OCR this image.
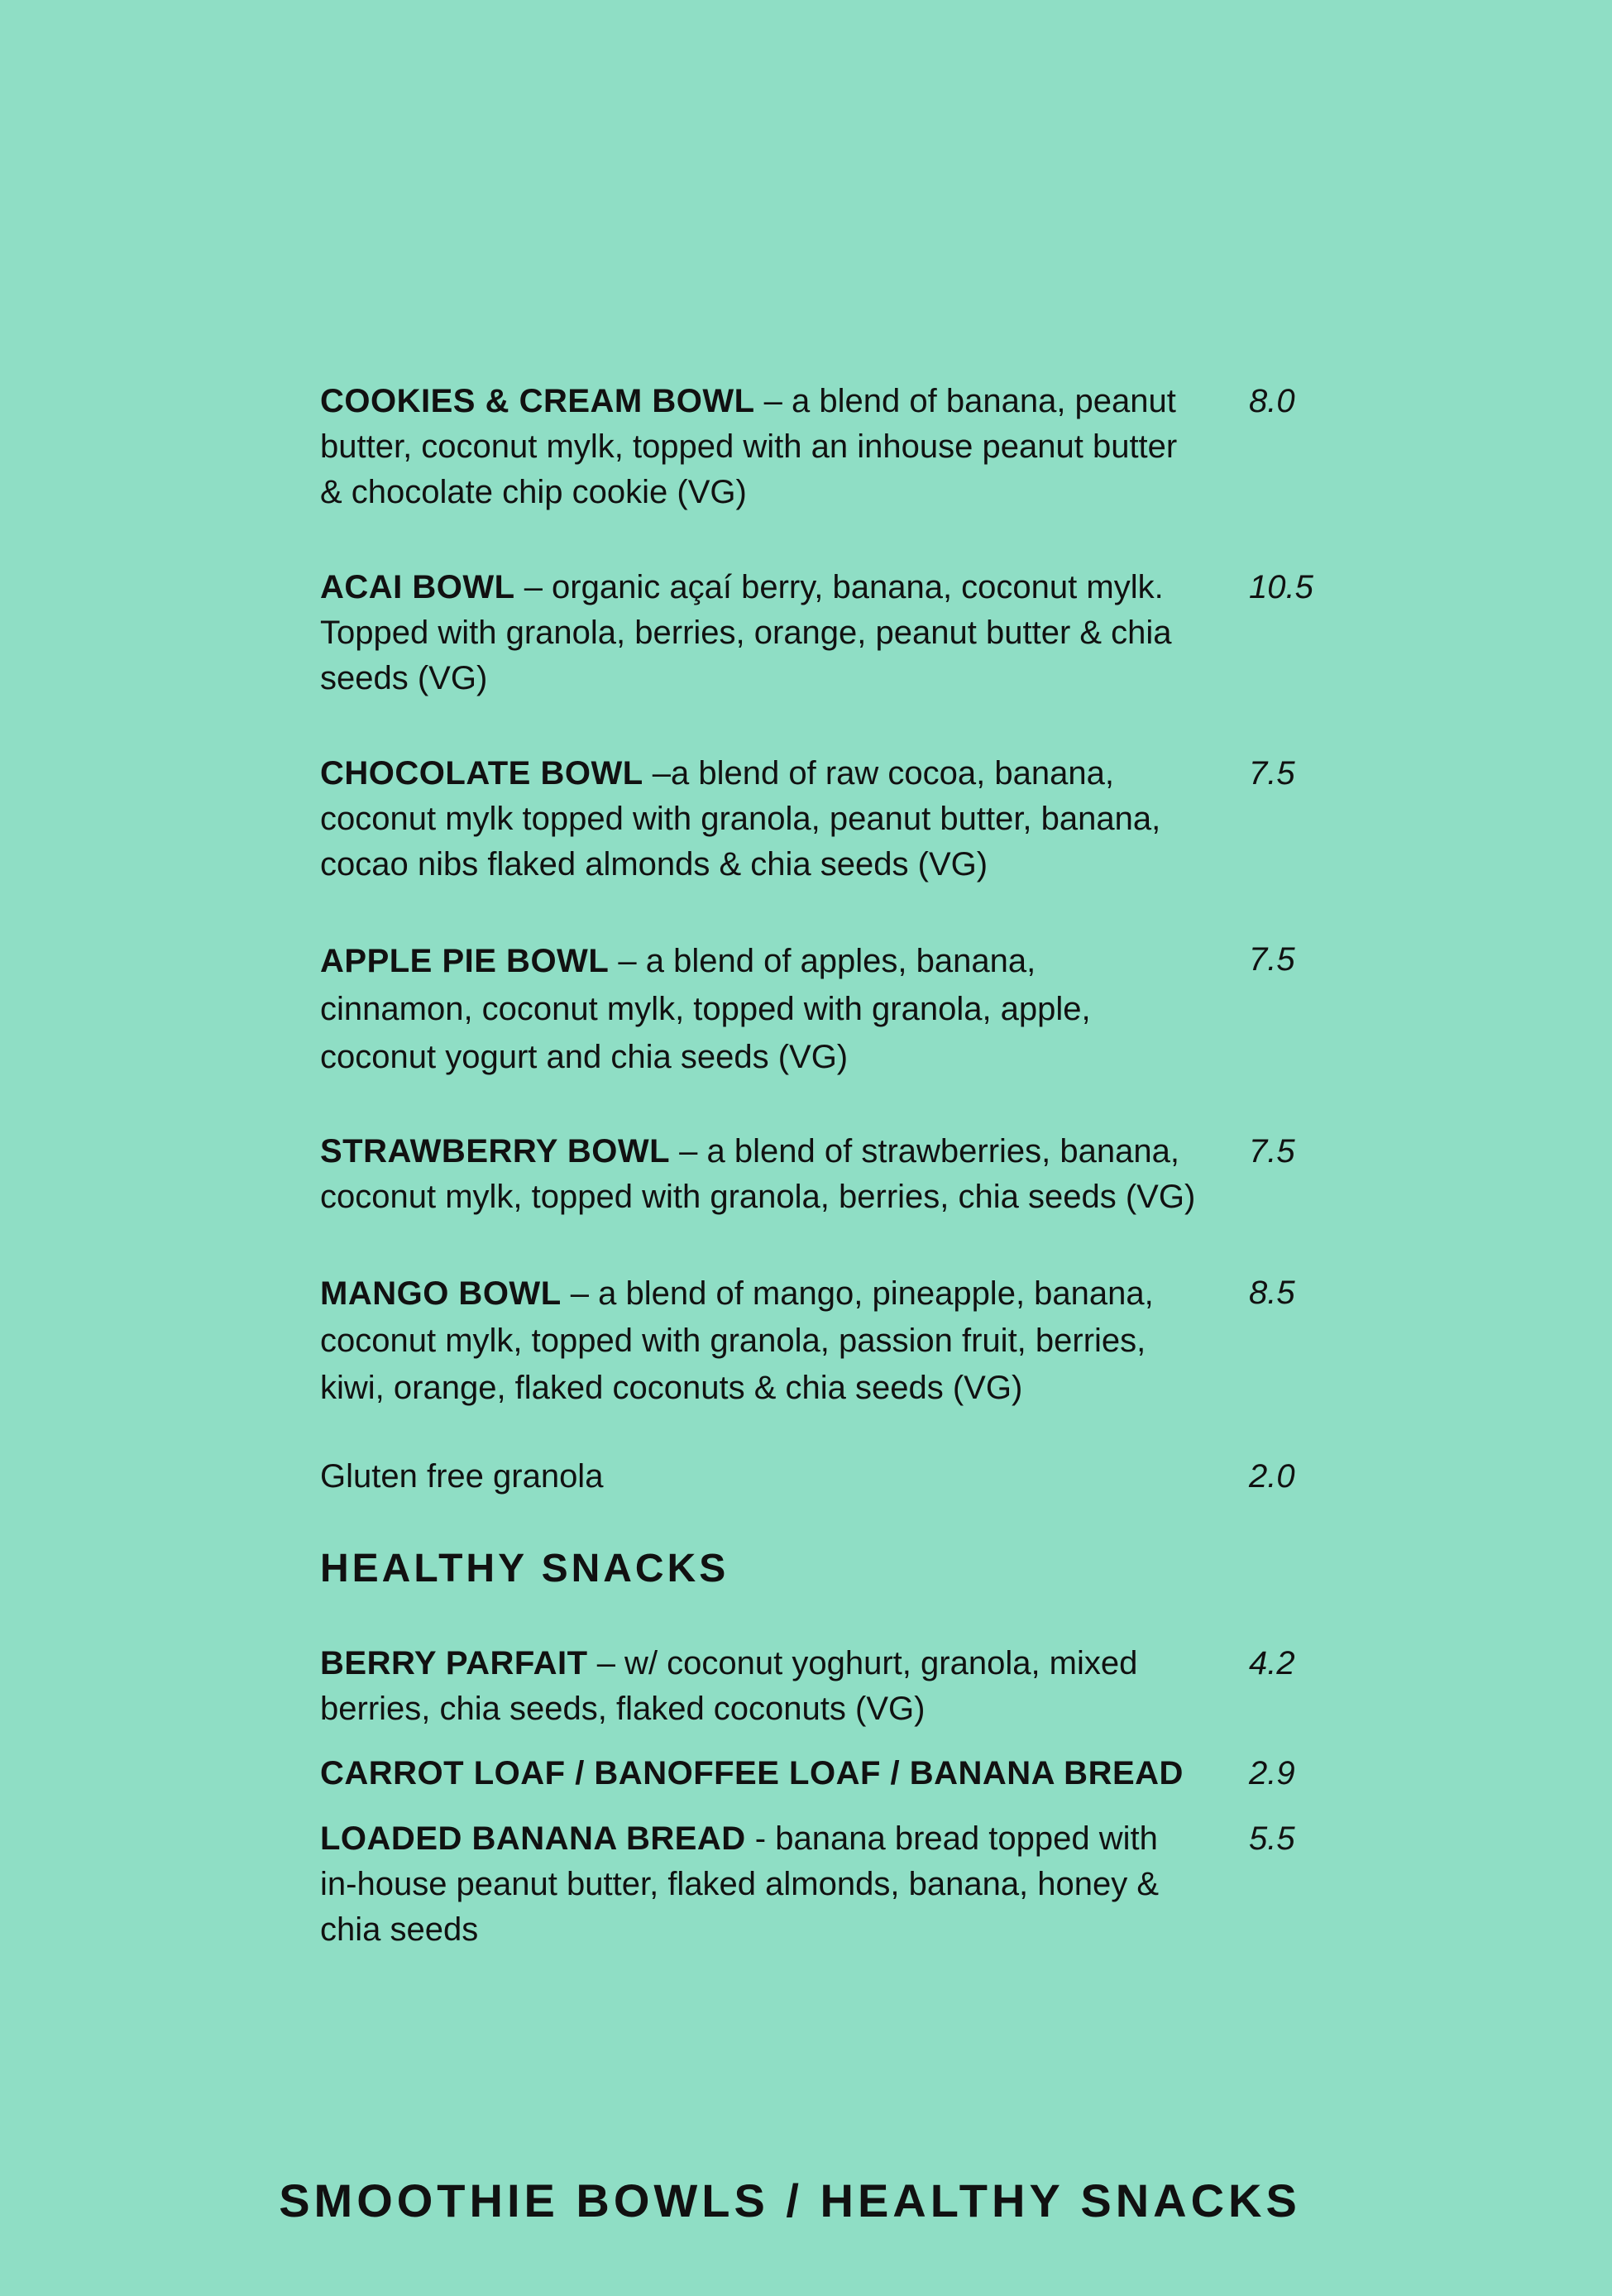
COOKIES & CREAM BOWL – a blend of banana, peanut butter, coconut mylk, topped with an inhouse peanut butter & chocolate chip cookie (VG)
8.0
ACAI BOWL – organic açaí berry, banana, coconut mylk. Topped with granola, berries, orange, peanut butter & chia seeds (VG)
10.5
CHOCOLATE BOWL –a blend of raw cocoa, banana, coconut mylk topped with granola, peanut butter, banana, cocao nibs flaked almonds & chia seeds (VG)
7.5
APPLE PIE BOWL – a blend of apples, banana, cinnamon, coconut mylk, topped with granola, apple, coconut yogurt and chia seeds (VG)
7.5
STRAWBERRY BOWL – a blend of strawberries, banana, coconut mylk, topped with granola, berries, chia seeds (VG)
7.5
MANGO BOWL – a blend of mango, pineapple, banana, coconut mylk, topped with granola, passion fruit, berries, kiwi, orange, flaked coconuts & chia seeds (VG)
8.5
Gluten free granola	2.0
HEALTHY SNACKS
BERRY PARFAIT – w/ coconut yoghurt, granola, mixed berries, chia seeds, flaked coconuts (VG)
4.2
CARROT LOAF / BANOFFEE LOAF / BANANA BREAD	2.9
LOADED BANANA BREAD - banana bread topped with in-house peanut butter, flaked almonds, banana, honey & chia seeds
5.5
SMOOTHIE BOWLS / HEALTHY SNACKS
